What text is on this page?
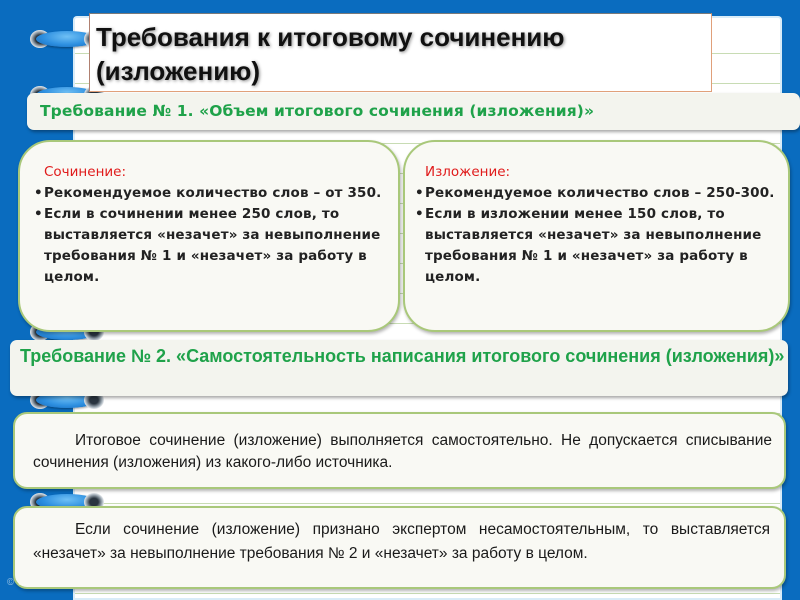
Требования к итоговому сочинению
(изложению)
Требование № 1. «Объем итогового сочинения (изложения)»
Сочинение:
• Рекомендуемое количество слов – от 350.
• Если в сочинении менее 250 слов, то выставляется «незачет» за невыполнение требования № 1 и «незачет» за работу в целом.
Изложение:
• Рекомендуемое количество слов – 250-300.
• Если в изложении менее 150 слов, то выставляется «незачет» за невыполнение требования № 1 и «незачет» за работу в целом.
Требование № 2. «Самостоятельность написания итогового сочинения (изложения)»

Итоговое сочинение (изложение) выполняется самостоятельно. Не допускается списывание сочинения (изложения) из какого-либо источника.

Если сочинение (изложение) признано экспертом несамостоятельным, то выставляется «незачет» за невыполнение требования № 2 и «незачет» за работу в целом.

© ...
